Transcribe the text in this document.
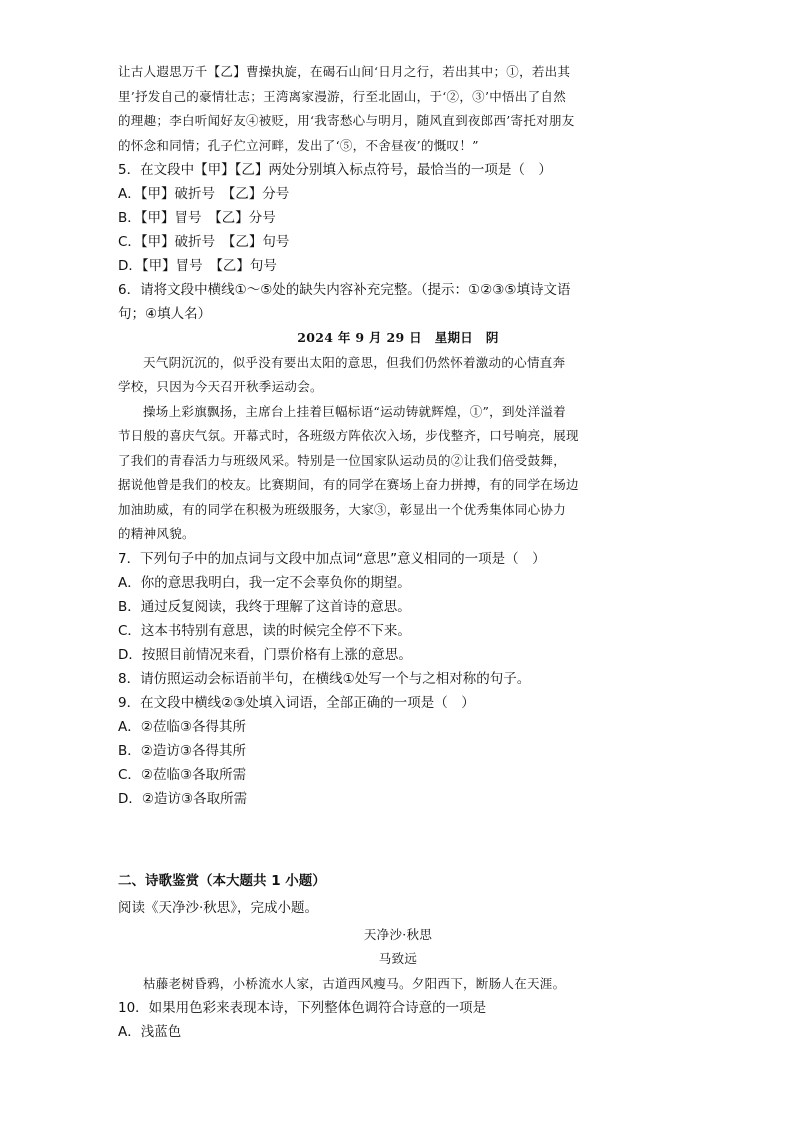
让古人遐思万千【乙】曹操执旋，在碣石山间‘日月之行，若出其中；①，若出其

里’抒发自己的豪情壮志；王湾离家漫游，行至北固山，于‘②，③’中悟出了自然

的理趣；李白听闻好友④被贬，用‘我寄愁心与明月，随风直到夜郎西’寄托对朋友

的怀念和同情；孔子伫立河畔，发出了‘⑤，不舍昼夜’的慨叹！”

5．在文段中【甲】【乙】两处分别填入标点符号，最恰当的一项是（　）

A．【甲】破折号　【乙】分号

B．【甲】冒号　【乙】分号

C．【甲】破折号　【乙】句号

D．【甲】冒号　【乙】句号

6．请将文段中横线①～⑤处的缺失内容补充完整。（提示：①②③⑤填诗文语

句；④填人名）

2024 年 9 月 29 日　星期日　阴

天气阴沉沉的，似乎没有要出太阳的意思，但我们仍然怀着激动的心情直奔

学校，只因为今天召开秋季运动会。

操场上彩旗飘扬，主席台上挂着巨幅标语“运动铸就辉煌，①”，到处洋溢着

节日般的喜庆气氛。开幕式时，各班级方阵依次入场，步伐整齐，口号响亮，展现

了我们的青春活力与班级风采。特别是一位国家队运动员的②让我们倍受鼓舞，

据说他曾是我们的校友。比赛期间，有的同学在赛场上奋力拼搏，有的同学在场边

加油助威，有的同学在积极为班级服务，大家③，彰显出一个优秀集体同心协力

的精神风貌。

7．下列句子中的加点词与文段中加点词“意思”意义相同的一项是（　）

A．你的意思我明白，我一定不会辜负你的期望。

B．通过反复阅读，我终于理解了这首诗的意思。

C．这本书特别有意思，读的时候完全停不下来。

D．按照目前情况来看，门票价格有上涨的意思。

8．请仿照运动会标语前半句，在横线①处写一个与之相对称的句子。

9．在文段中横线②③处填入词语，全部正确的一项是（　）

A．②莅临③各得其所

B．②造访③各得其所

C．②莅临③各取所需

D．②造访③各取所需

二、诗歌鉴赏（本大题共 1 小题）

阅读《天净沙·秋思》，完成小题。

天净沙·秋思

马致远

枯藤老树昏鸦，小桥流水人家，古道西风瘦马。夕阳西下，断肠人在天涯。

10．如果用色彩来表现本诗，下列整体色调符合诗意的一项是

A．浅蓝色
